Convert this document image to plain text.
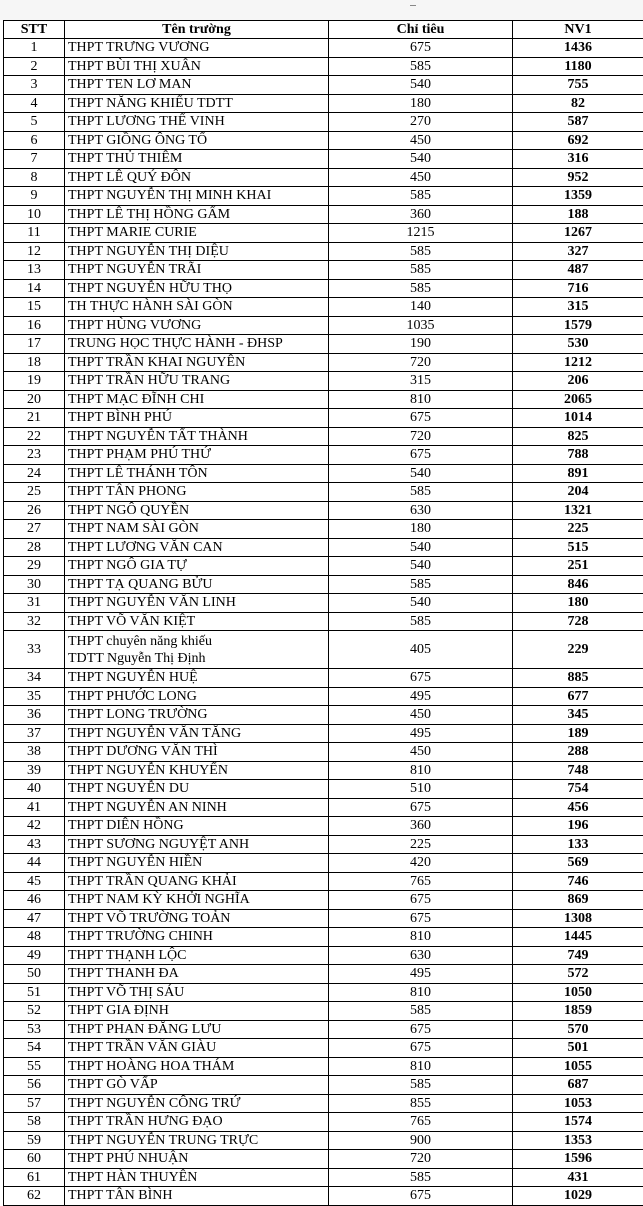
STT	Tên trường	Chỉ tiêu	NV1
1	THPT TRƯNG VƯƠNG	675	1436
2	THPT BÙI THỊ XUÂN	585	1180
3	THPT TEN LƠ MAN	540	755
4	THPT NĂNG KHIẾU TDTT	180	82
5	THPT LƯƠNG THẾ VINH	270	587
6	THPT GIỒNG ÔNG TỐ	450	692
7	THPT THỦ THIÊM	540	316
8	THPT LÊ QUÝ ĐÔN	450	952
9	THPT NGUYỄN THỊ MINH KHAI	585	1359
10	THPT LÊ THỊ HỒNG GẤM	360	188
11	THPT MARIE CURIE	1215	1267
12	THPT NGUYỄN THỊ DIỆU	585	327
13	THPT NGUYỄN TRÃI	585	487
14	THPT NGUYỄN HỮU THỌ	585	716
15	TH THỰC HÀNH SÀI GÒN	140	315
16	THPT HÙNG VƯƠNG	1035	1579
17	TRUNG HỌC THỰC HÀNH - ĐHSP	190	530
18	THPT TRẦN KHAI NGUYÊN	720	1212
19	THPT TRẦN HỮU TRANG	315	206
20	THPT MẠC ĐĨNH CHI	810	2065
21	THPT BÌNH PHÚ	675	1014
22	THPT NGUYỄN TẤT THÀNH	720	825
23	THPT PHẠM PHÚ THỨ	675	788
24	THPT LÊ THÁNH TÔN	540	891
25	THPT TÂN PHONG	585	204
26	THPT NGÔ QUYỀN	630	1321
27	THPT NAM SÀI GÒN	180	225
28	THPT LƯƠNG VĂN CAN	540	515
29	THPT NGÔ GIA TỰ	540	251
30	THPT TẠ QUANG BỬU	585	846
31	THPT NGUYỄN VĂN LINH	540	180
32	THPT VÕ VĂN KIỆT	585	728
33	THPT chuyên năng khiếu
TDTT Nguyễn Thị Định	405	229
34	THPT NGUYỄN HUỆ	675	885
35	THPT PHƯỚC LONG	495	677
36	THPT LONG TRƯỜNG	450	345
37	THPT NGUYỄN VĂN TĂNG	495	189
38	THPT DƯƠNG VĂN THÌ	450	288
39	THPT NGUYỄN KHUYẾN	810	748
40	THPT NGUYỄN DU	510	754
41	THPT NGUYỄN AN NINH	675	456
42	THPT DIÊN HỒNG	360	196
43	THPT SƯƠNG NGUYỆT ANH	225	133
44	THPT NGUYỄN HIỀN	420	569
45	THPT TRẦN QUANG KHẢI	765	746
46	THPT NAM KỲ KHỞI NGHĨA	675	869
47	THPT VÕ TRƯỜNG TOẢN	675	1308
48	THPT TRƯỜNG CHINH	810	1445
49	THPT THẠNH LỘC	630	749
50	THPT THANH ĐA	495	572
51	THPT VÕ THỊ SÁU	810	1050
52	THPT GIA ĐỊNH	585	1859
53	THPT PHAN ĐĂNG LƯU	675	570
54	THPT TRẦN VĂN GIÀU	675	501
55	THPT HOÀNG HOA THÁM	810	1055
56	THPT GÒ VẤP	585	687
57	THPT NGUYỄN CÔNG TRỨ	855	1053
58	THPT TRẦN HƯNG ĐẠO	765	1574
59	THPT NGUYỄN TRUNG TRỰC	900	1353
60	THPT PHÚ NHUẬN	720	1596
61	THPT HÀN THUYÊN	585	431
62	THPT TÂN BÌNH	675	1029
